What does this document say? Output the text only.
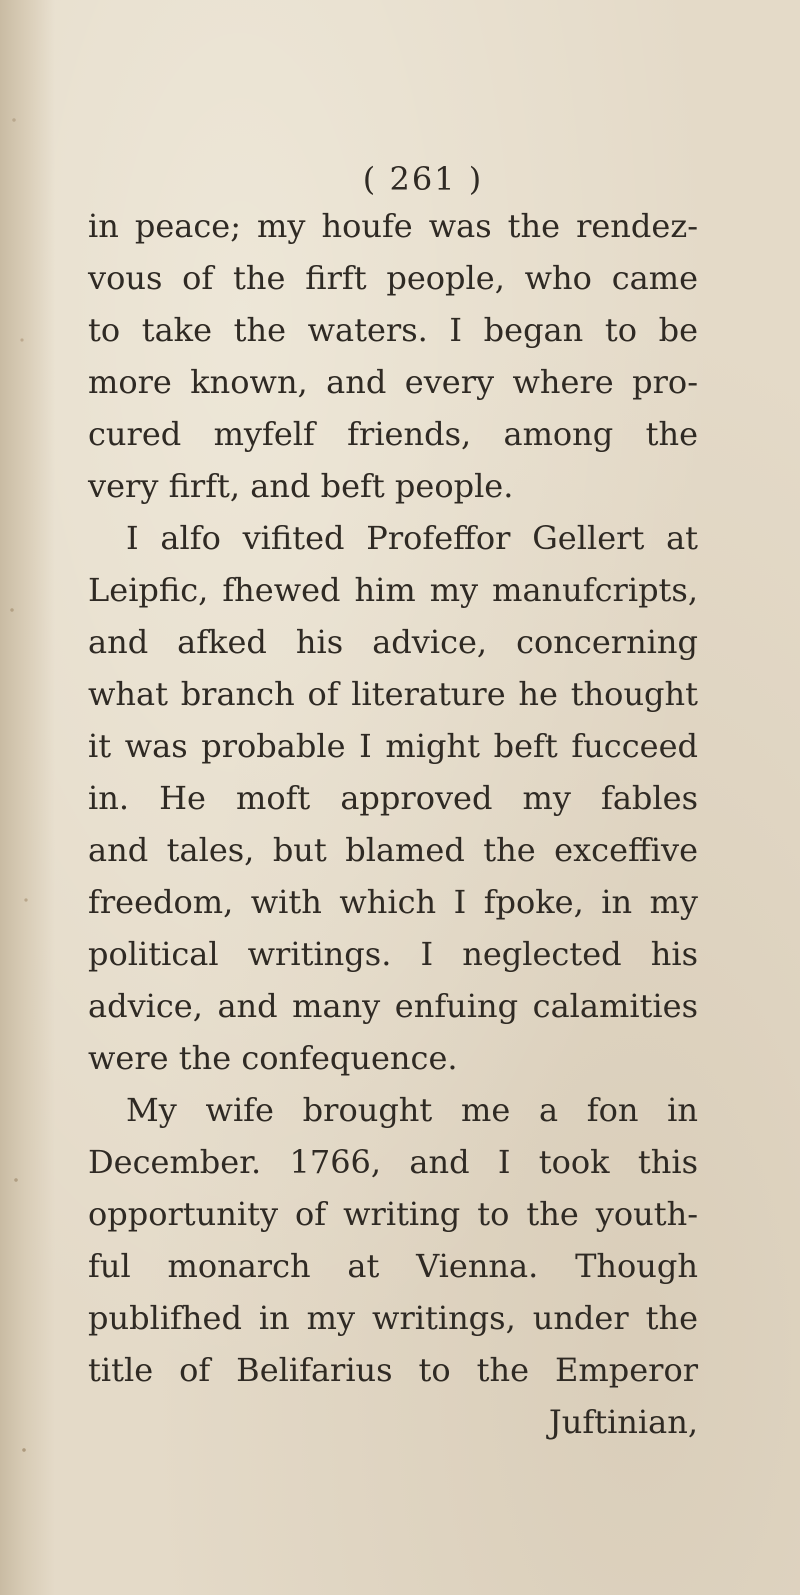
( 261 )
in peace; my houfe was the rendez-
vous of the firft people, who came
to take the waters. I began to be
more known, and every where pro-
cured myfelf friends, among the
very firft, and beft people.
I alfo vifited Profeffor Gellert at
Leipfic, fhewed him my manufcripts,
and afked his advice, concerning
what branch of literature he thought
it was probable I might beft fucceed
in. He moft approved my fables
and tales, but blamed the exceffive
freedom, with which I fpoke, in my
political writings. I neglected his
advice, and many enfuing calamities
were the confequence.
My wife brought me a fon in
December. 1766, and I took this
opportunity of writing to the youth-
ful monarch at Vienna. Though
publifhed in my writings, under the
title of Belifarius to the Emperor
Juftinian,
